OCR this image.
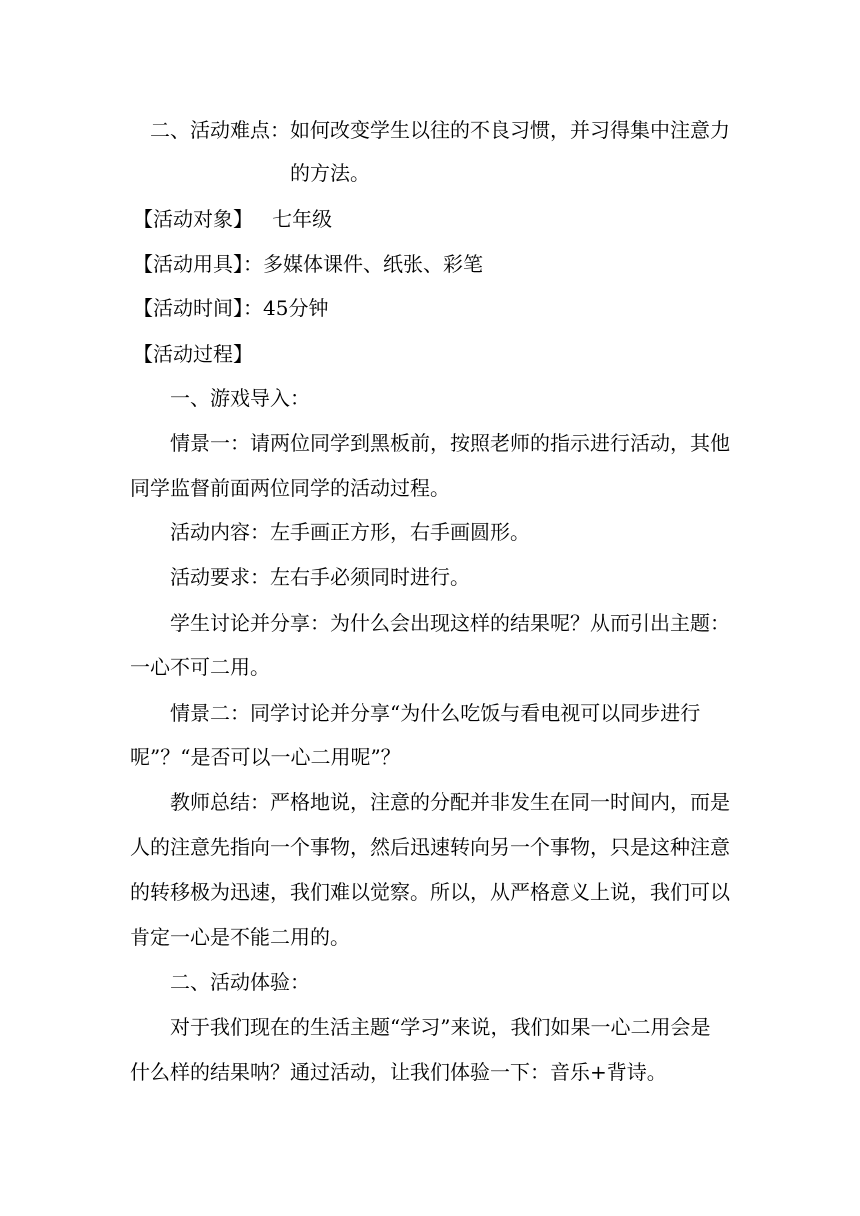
二、活动难点：如何改变学生以往的不良习惯，并习得集中注意力
的方法。
【活动对象】   七年级
【活动用具】：多媒体课件、纸张、彩笔
【活动时间】：45分钟
【活动过程】
一、游戏导入：
情景一：请两位同学到黑板前，按照老师的指示进行活动，其他
同学监督前面两位同学的活动过程。
活动内容：左手画正方形，右手画圆形。
活动要求：左右手必须同时进行。
学生讨论并分享：为什么会出现这样的结果呢？从而引出主题：
一心不可二用。
情景二：同学讨论并分享“为什么吃饭与看电视可以同步进行
呢”？“是否可以一心二用呢”？
教师总结：严格地说，注意的分配并非发生在同一时间内，而是
人的注意先指向一个事物，然后迅速转向另一个事物，只是这种注意
的转移极为迅速，我们难以觉察。所以，从严格意义上说，我们可以
肯定一心是不能二用的。
二、活动体验：
对于我们现在的生活主题“学习”来说，我们如果一心二用会是
什么样的结果呐？通过活动，让我们体验一下：音乐+背诗。
